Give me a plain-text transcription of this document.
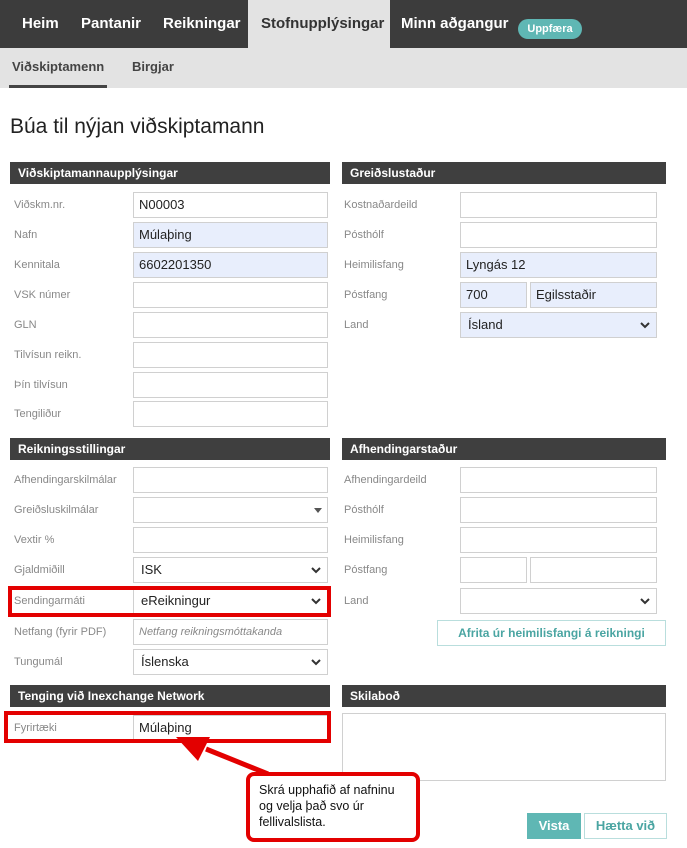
Heim Pantanir Reikningar	Stofnupplýsingar	Minn aðgangur	Uppfæra
Viðskiptamenn Birgjar
Búa til nýjan viðskiptamann
Viðskiptamannaupplýsingar
Viðskm.nr.	N00003
Nafn	Múlaþing
Kennitala	6602201350
VSK númer
GLN
Tilvísun reikn.
Þín tilvísun
Tengiliður
Greiðslustaður
Kostnaðardeild
Pósthólf
Heimilisfang	Lyngás 12
Póstfang	700	Egilsstaðir
Land	Ísland
Reikningsstillingar
Afhendingarskilmálar
Greiðsluskilmálar
Vextir %
Gjaldmiðill	ISK
Sendingarmáti	eReikningur
Netfang (fyrir PDF)	Netfang reikningsmóttakanda
Tungumál	Íslenska
Afhendingarstaður
Afhendingardeild
Pósthólf
Heimilisfang
Póstfang
Land
Afrita úr heimilisfangi á reikningi
Tenging við Inexchange Network
Fyrirtæki	Múlaþing
Skilaboð
Vista	Hætta við
Skrá upphafið af nafninu
og velja það svo úr
fellivalslista.
